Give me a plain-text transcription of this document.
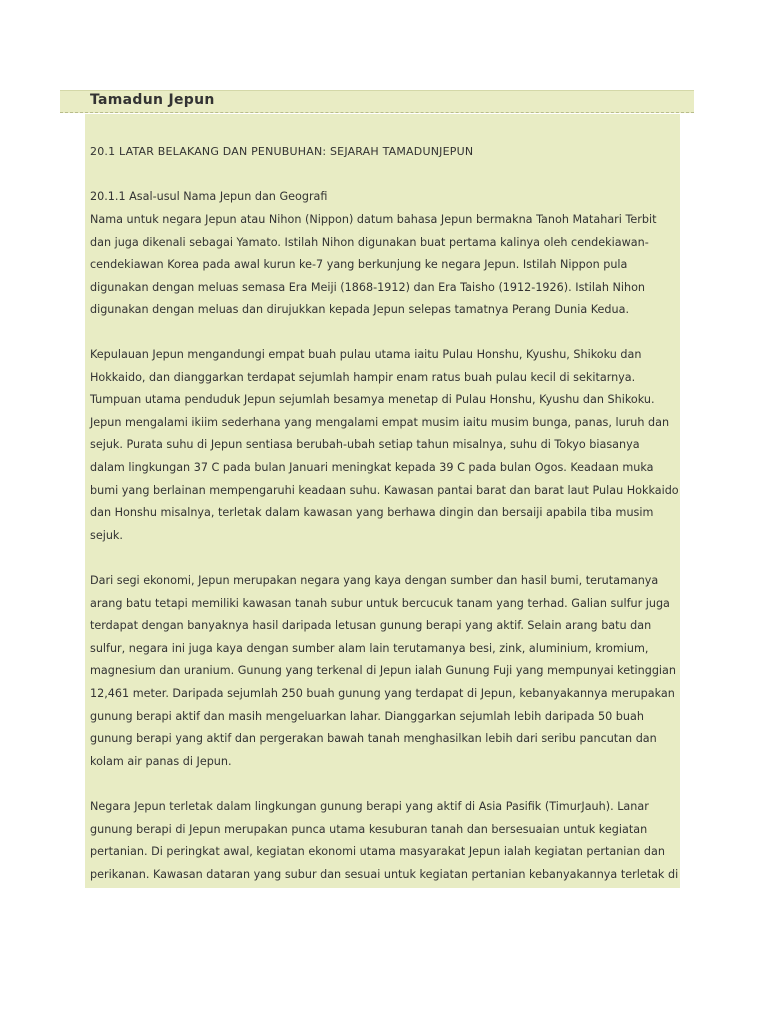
Tamadun Jepun
20.1 LATAR BELAKANG DAN PENUBUHAN: SEJARAH TAMADUNJEPUN
20.1.1 Asal-usul Nama Jepun dan Geografi
Nama untuk negara Jepun atau Nihon (Nippon) datum bahasa Jepun bermakna Tanoh Matahari Terbit
dan juga dikenali sebagai Yamato. Istilah Nihon digunakan buat pertama kalinya oleh cendekiawan-
cendekiawan Korea pada awal kurun ke-7 yang berkunjung ke negara Jepun. Istilah Nippon pula
digunakan dengan meluas semasa Era Meiji (1868-1912) dan Era Taisho (1912-1926). Istilah Nihon
digunakan dengan meluas dan dirujukkan kepada Jepun selepas tamatnya Perang Dunia Kedua.
Kepulauan Jepun mengandungi empat buah pulau utama iaitu Pulau Honshu, Kyushu, Shikoku dan
Hokkaido, dan dianggarkan terdapat sejumlah hampir enam ratus buah pulau kecil di sekitarnya.
Tumpuan utama penduduk Jepun sejumlah besamya menetap di Pulau Honshu, Kyushu dan Shikoku.
Jepun mengalami ikiim sederhana yang mengalami empat musim iaitu musim bunga, panas, luruh dan
sejuk. Purata suhu di Jepun sentiasa berubah-ubah setiap tahun misalnya, suhu di Tokyo biasanya
dalam lingkungan 37 C pada bulan Januari meningkat kepada 39 C pada bulan Ogos. Keadaan muka
bumi yang berlainan mempengaruhi keadaan suhu. Kawasan pantai barat dan barat laut Pulau Hokkaido
dan Honshu misalnya, terletak dalam kawasan yang berhawa dingin dan bersaiji apabila tiba musim
sejuk.
Dari segi ekonomi, Jepun merupakan negara yang kaya dengan sumber dan hasil bumi, terutamanya
arang batu tetapi memiliki kawasan tanah subur untuk bercucuk tanam yang terhad. Galian sulfur juga
terdapat dengan banyaknya hasil daripada letusan gunung berapi yang aktif. Selain arang batu dan
sulfur, negara ini juga kaya dengan sumber alam lain terutamanya besi, zink, aluminium, kromium,
magnesium dan uranium. Gunung yang terkenal di Jepun ialah Gunung Fuji yang mempunyai ketinggian
12,461 meter. Daripada sejumlah 250 buah gunung yang terdapat di Jepun, kebanyakannya merupakan
gunung berapi aktif dan masih mengeluarkan lahar. Dianggarkan sejumlah lebih daripada 50 buah
gunung berapi yang aktif dan pergerakan bawah tanah menghasilkan lebih dari seribu pancutan dan
kolam air panas di Jepun.
Negara Jepun terletak dalam lingkungan gunung berapi yang aktif di Asia Pasifik (TimurJauh). Lanar
gunung berapi di Jepun merupakan punca utama kesuburan tanah dan bersesuaian untuk kegiatan
pertanian. Di peringkat awal, kegiatan ekonomi utama masyarakat Jepun ialah kegiatan pertanian dan
perikanan. Kawasan dataran yang subur dan sesuai untuk kegiatan pertanian kebanyakannya terletak di
